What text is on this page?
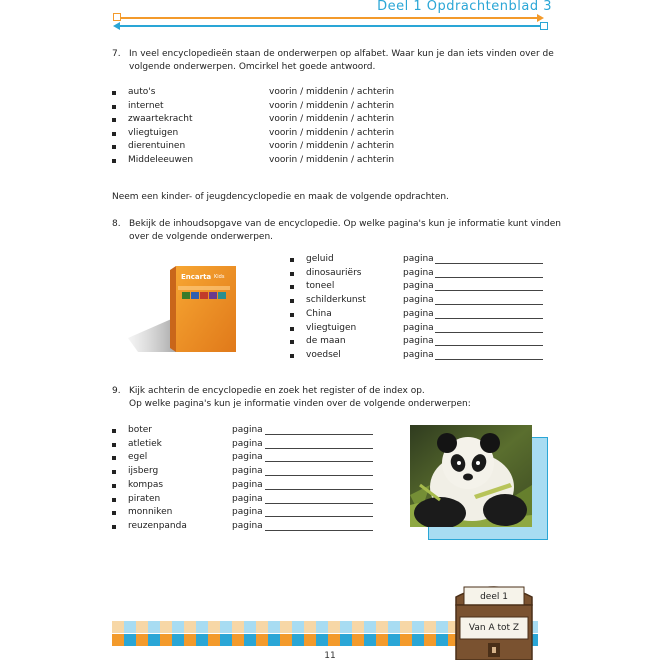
Deel 1 Opdrachtenblad 3
7. In veel encyclopedieën staan de onderwerpen op alfabet. Waar kun je dan iets vinden over de
volgende onderwerpen. Omcirkel het goede antwoord.
auto's	voorin / middenin / achterin
internet	voorin / middenin / achterin
zwaartekracht	voorin / middenin / achterin
vliegtuigen	voorin / middenin / achterin
dierentuinen	voorin / middenin / achterin
Middeleeuwen	voorin / middenin / achterin
Neem een kinder- of jeugdencyclopedie en maak de volgende opdrachten.
8. Bekijk de inhoudsopgave van de encyclopedie. Op welke pagina's kun je informatie kunt vinden
over de volgende onderwerpen.
Encarta Kids
geluid	pagina
dinosauriërs	pagina
toneel	pagina
schilderkunst	pagina
China	pagina
vliegtuigen	pagina
de maan	pagina
voedsel	pagina
9. Kijk achterin de encyclopedie en zoek het register of de index op.
Op welke pagina's kun je informatie vinden over de volgende onderwerpen:
boter	pagina
atletiek	pagina
egel	pagina
ijsberg	pagina
kompas	pagina
piraten	pagina
monniken	pagina
reuzenpanda	pagina
deel 1
Van A tot Z
11
